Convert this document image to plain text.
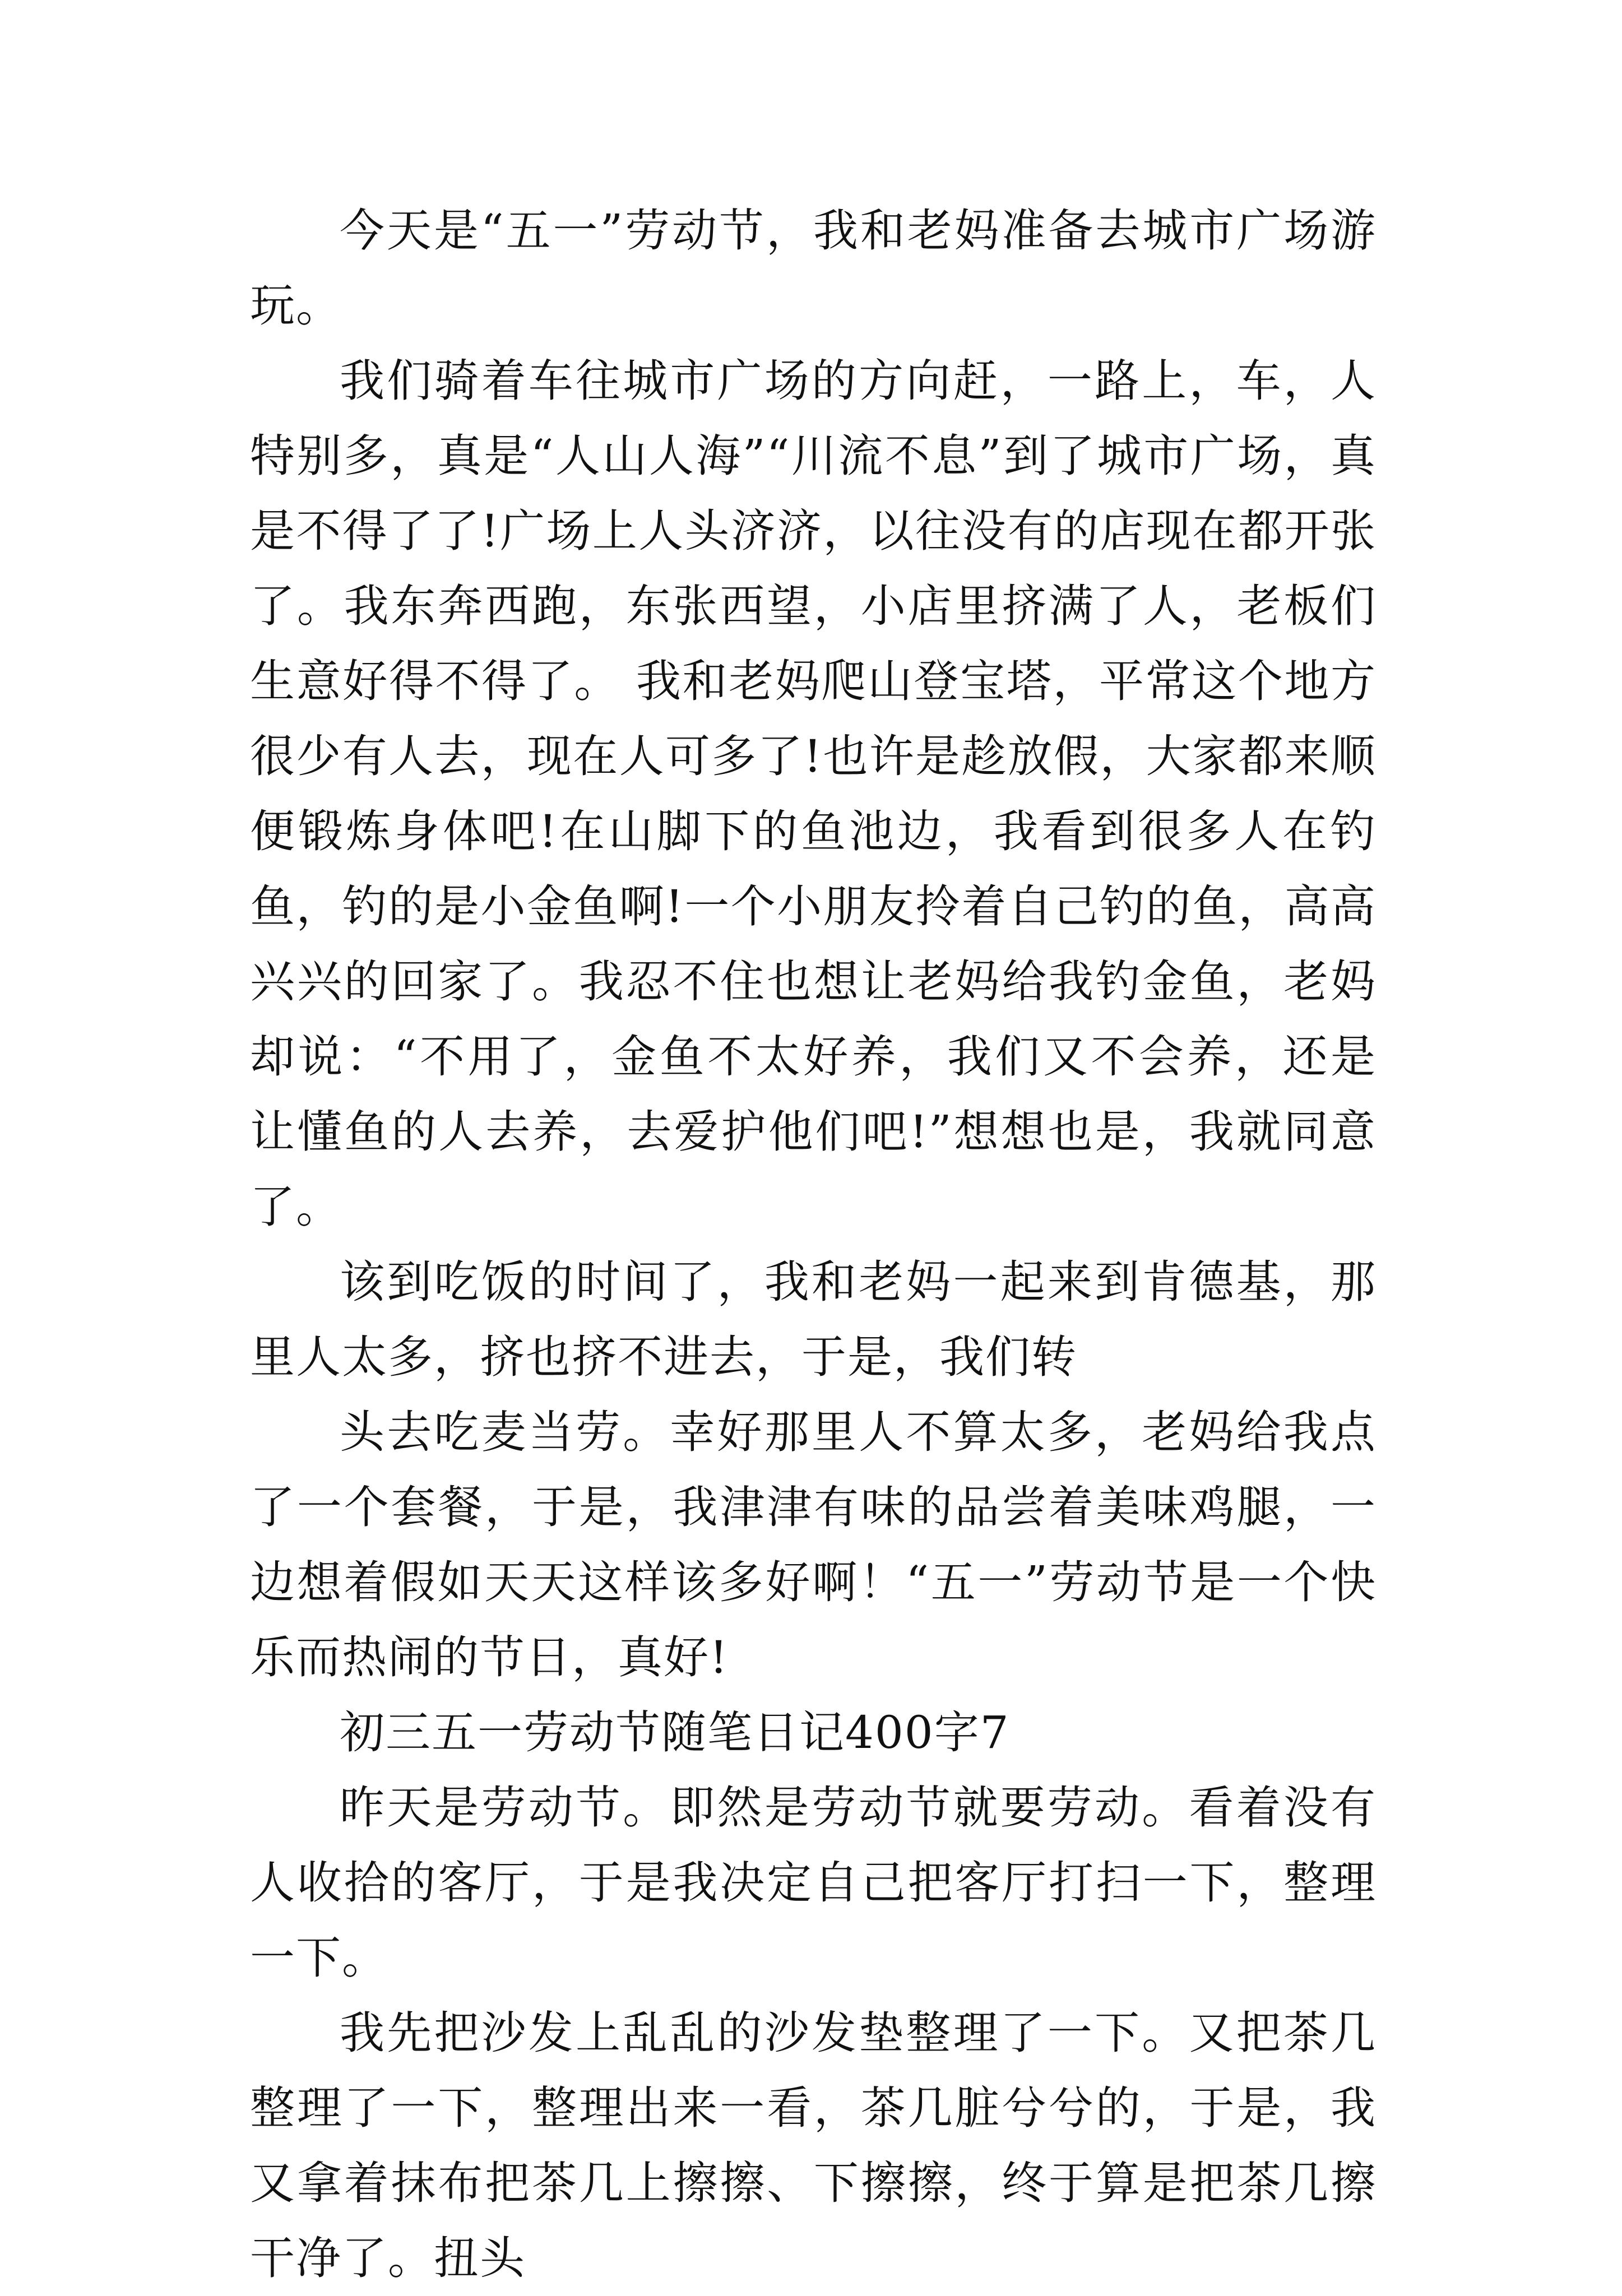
今天是“五一”劳动节，我和老妈准备去城市广场游玩。

我们骑着车往城市广场的方向赶，一路上，车，人特别多，真是“人山人海”“川流不息”到了城市广场，真是不得了了!广场上人头济济，以往没有的店现在都开张了。我东奔西跑，东张西望，小店里挤满了人，老板们生意好得不得了。 我和老妈爬山登宝塔，平常这个地方很少有人去，现在人可多了!也许是趁放假，大家都来顺便锻炼身体吧!在山脚下的鱼池边，我看到很多人在钓鱼，钓的是小金鱼啊!一个小朋友拎着自己钓的鱼，高高兴兴的回家了。我忍不住也想让老妈给我钓金鱼，老妈却说：“不用了，金鱼不太好养，我们又不会养，还是让懂鱼的人去养，去爱护他们吧!”想想也是，我就同意了。

该到吃饭的时间了，我和老妈一起来到肯德基，那里人太多，挤也挤不进去，于是，我们转

头去吃麦当劳。幸好那里人不算太多，老妈给我点了一个套餐，于是，我津津有味的品尝着美味鸡腿，一边想着假如天天这样该多好啊！“五一”劳动节是一个快乐而热闹的节日，真好!

初三五一劳动节随笔日记400字7

昨天是劳动节。即然是劳动节就要劳动。看着没有人收拾的客厅，于是我决定自己把客厅打扫一下，整理一下。

我先把沙发上乱乱的沙发垫整理了一下。又把茶几整理了一下，整理出来一看，茶几脏兮兮的，于是，我又拿着抹布把茶几上擦擦、下擦擦，终于算是把茶几擦干净了。扭头
